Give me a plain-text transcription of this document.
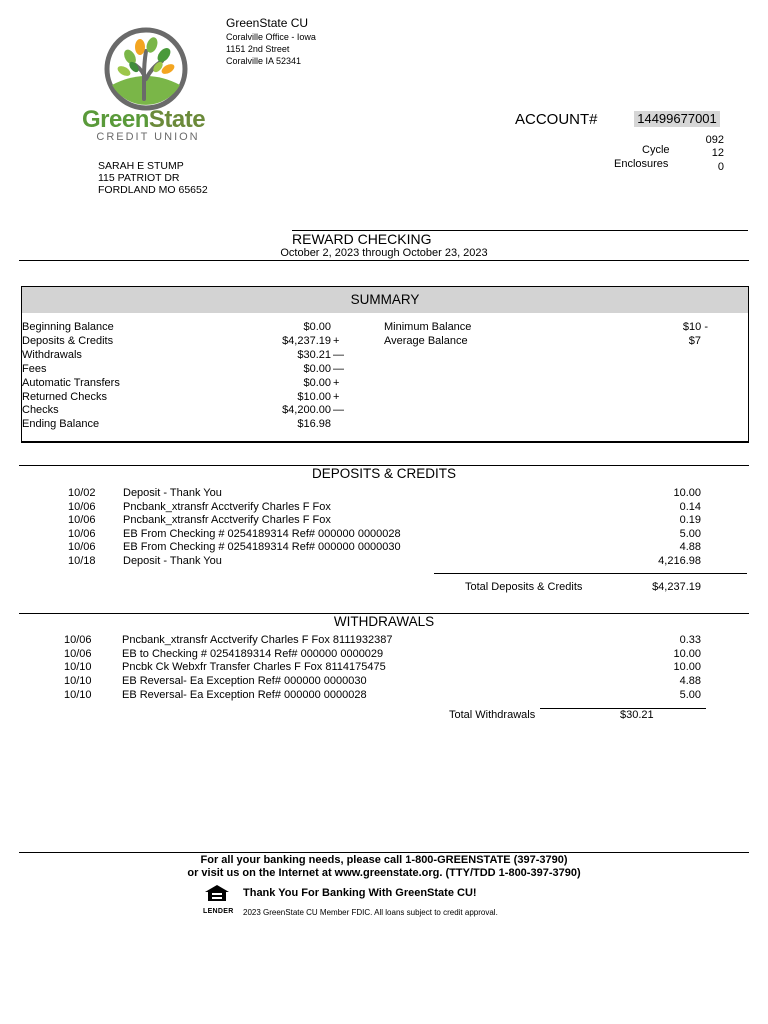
GreenState
CREDIT UNION
GreenState CU
Coralville Office - Iowa
1151 2nd Street
Coralville IA 52341
SARAH E STUMP
115 PATRIOT DR
FORDLAND MO 65652
ACCOUNT#	14499677001
092
Cycle	12
Enclosures	0
REWARD CHECKING
October 2, 2023 through October 23, 2023
SUMMARY
Beginning Balance	$0.00
Deposits & Credits	$4,237.19 +
Withdrawals	$30.21 —
Fees	$0.00 —
Automatic Transfers	$0.00 +
Returned Checks	$10.00 +
Checks	$4,200.00 —
Ending Balance	$16.98
Minimum Balance	$10 -
Average Balance	$7
DEPOSITS & CREDITS
10/02 Deposit - Thank You	10.00
10/06 Pncbank_xtransfr Acctverify Charles F Fox	0.14
10/06 Pncbank_xtransfr Acctverify Charles F Fox	0.19
10/06 EB From Checking # 0254189314 Ref# 000000 0000028	5.00
10/06 EB From Checking # 0254189314 Ref# 000000 0000030	4.88
10/18 Deposit - Thank You	4,216.98
Total Deposits & Credits	$4,237.19
WITHDRAWALS
10/06	Pncbank_xtransfr Acctverify Charles F Fox 8111932387	0.33
10/06	EB to Checking # 0254189314 Ref# 000000 0000029	10.00
10/10	Pncbk Ck Webxfr Transfer Charles F Fox 8114175475	10.00
10/10	EB Reversal- Ea Exception Ref# 000000 0000030	4.88
10/10	EB Reversal- Ea Exception Ref# 000000 0000028	5.00
Total Withdrawals	$30.21
For all your banking needs, please call 1-800-GREENSTATE (397-3790)
or visit us on the Internet at www.greenstate.org. (TTY/TDD 1-800-397-3790)
LENDER
Thank You For Banking With GreenState CU!
2023 GreenState CU Member FDIC. All loans subject to credit approval.
